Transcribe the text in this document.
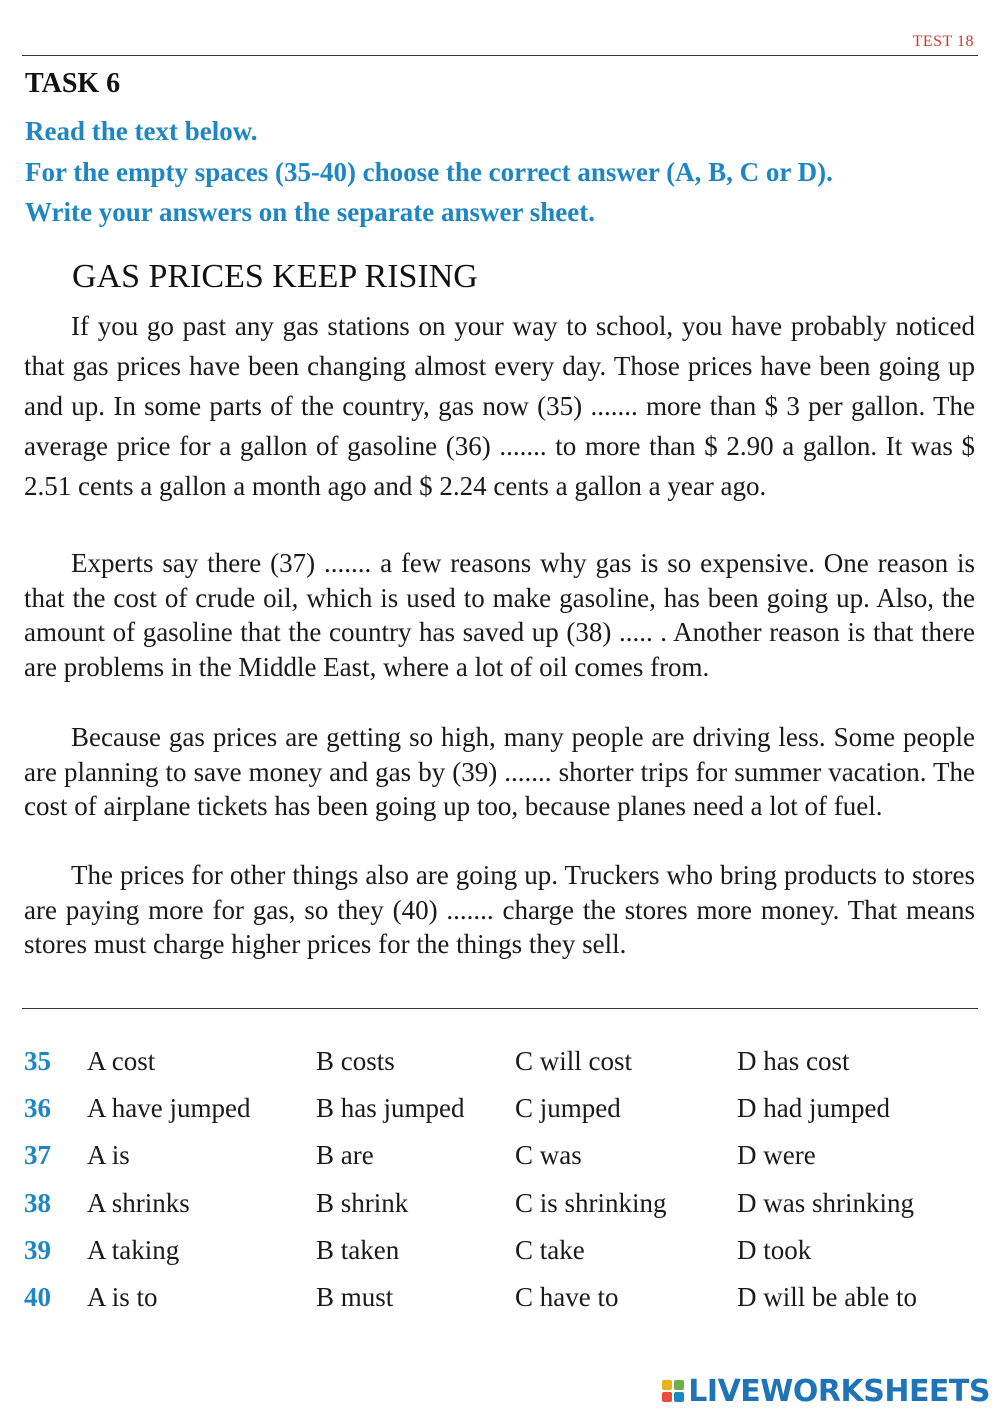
TEST 18
TASK 6
Read the text below.
For the empty spaces (35-40) choose the correct answer (A, B, C or D).
Write your answers on the separate answer sheet.
GAS PRICES KEEP RISING

If you go past any gas stations on your way to school, you have probably noticed that gas prices have been changing almost every day. Those prices have been going up and up. In some parts of the country, gas now (35) ....... more than $ 3 per gallon. The average price for a gallon of gasoline (36) ....... to more than $ 2.90 a gallon. It was $ 2.51 cents a gallon a month ago and $ 2.24 cents a gallon a year ago.

Experts say there (37) ....... a few reasons why gas is so expensive. One reason is that the cost of crude oil, which is used to make gasoline, has been going up. Also, the amount of gasoline that the country has saved up (38) ..... . Another reason is that there are problems in the Middle East, where a lot of oil comes from.

Because gas prices are getting so high, many people are driving less. Some people are planning to save money and gas by (39) ....... shorter trips for summer vacation. The cost of airplane tickets has been going up too, because planes need a lot of fuel.

The prices for other things also are going up. Truckers who bring products to stores are paying more for gas, so they (40) ....... charge the stores more money. That means stores must charge higher prices for the things they sell.

35	A cost	B costs	C will cost	D has cost
36	A have jumped	B has jumped	C jumped	D had jumped
37	A is	B are	C was	D were
38	A shrinks	B shrink	C is shrinking	D was shrinking
39	A taking	B taken	C take	D took
40	A is to	B must	C have to	D will be able to
LIVEWORKSHEETS
